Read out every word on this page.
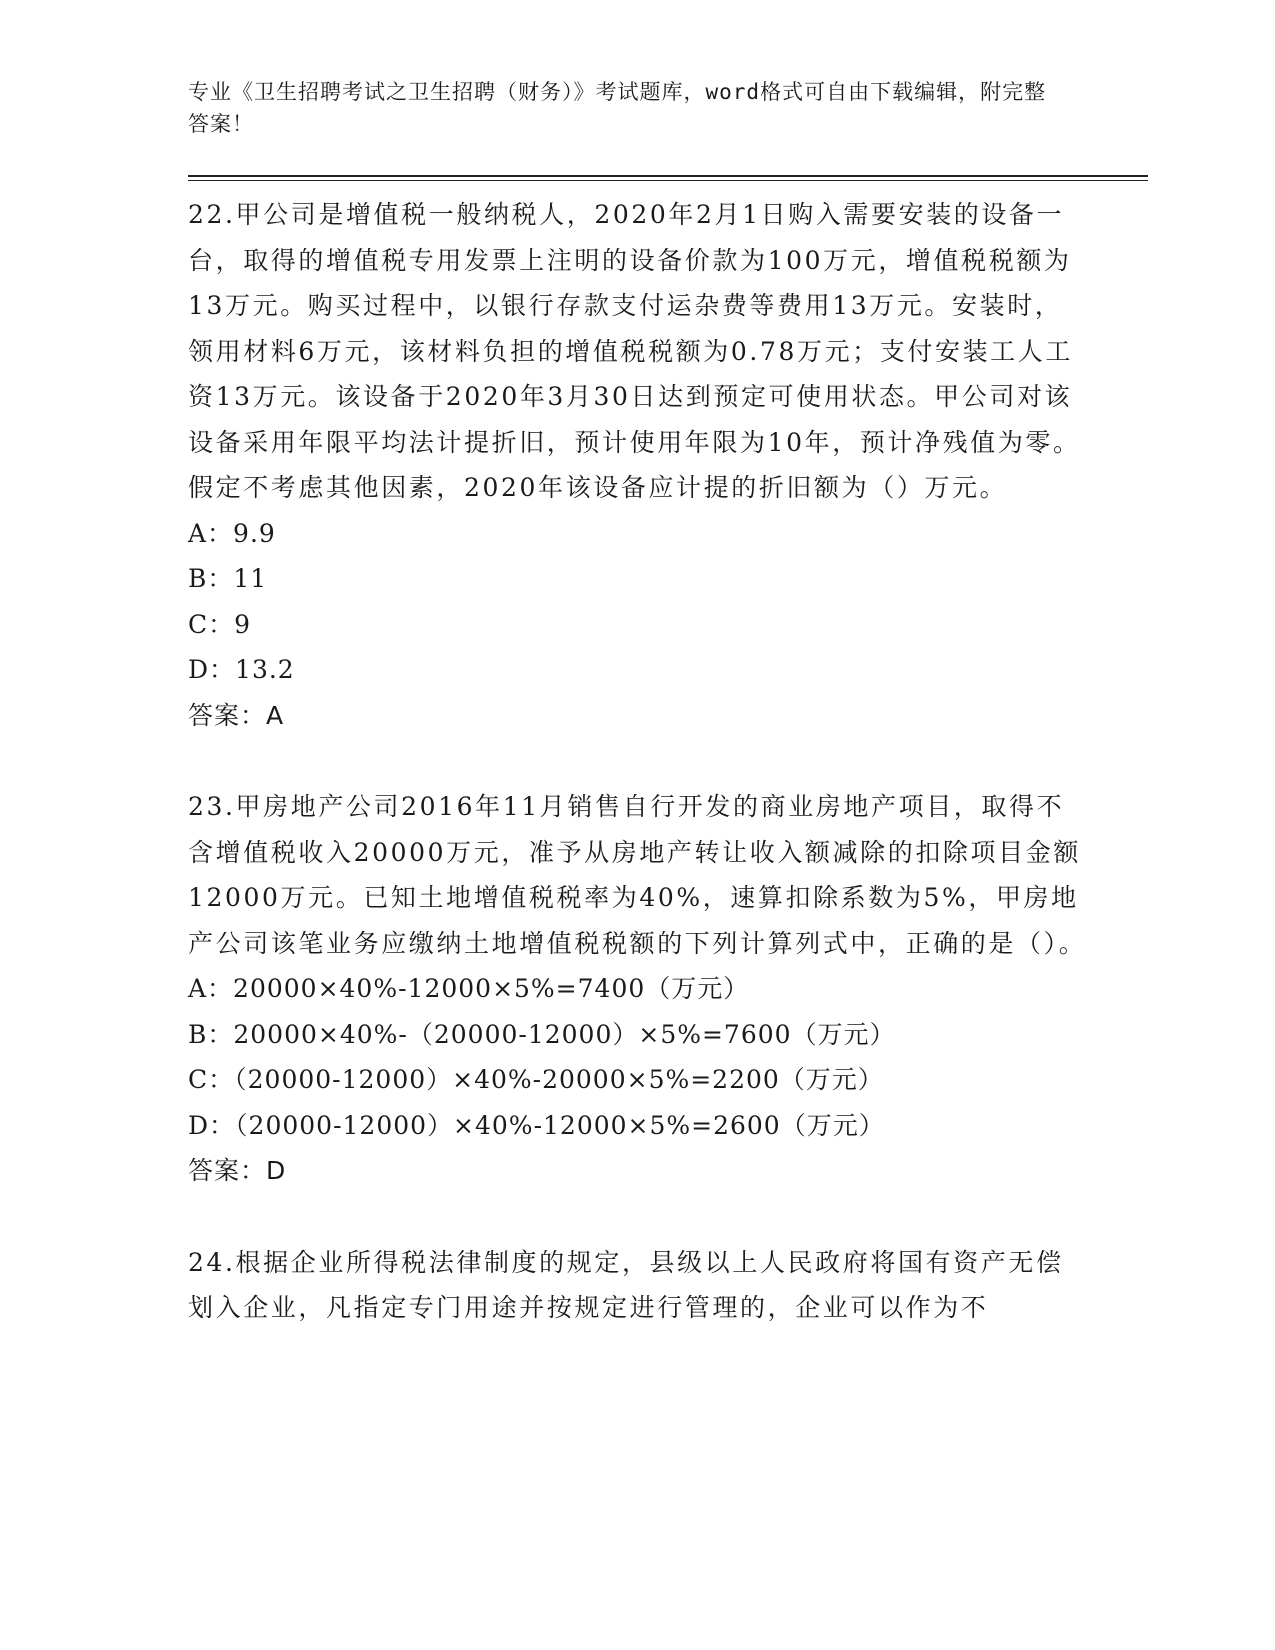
专业《卫生招聘考试之卫生招聘（财务）》考试题库，word格式可自由下载编辑，附完整答案！

22.甲公司是增值税一般纳税人，2020年2月1日购入需要安装的设备一台，取得的增值税专用发票上注明的设备价款为100万元，增值税税额为13万元。购买过程中，以银行存款支付运杂费等费用13万元。安装时，领用材料6万元，该材料负担的增值税税额为0.78万元；支付安装工人工资13万元。该设备于2020年3月30日达到预定可使用状态。甲公司对该设备采用年限平均法计提折旧，预计使用年限为10年，预计净残值为零。假定不考虑其他因素，2020年该设备应计提的折旧额为（）万元。

A：9.9
B：11
C：9
D：13.2
答案：A

23.甲房地产公司2016年11月销售自行开发的商业房地产项目，取得不含增值税收入20000万元，准予从房地产转让收入额减除的扣除项目金额12000万元。已知土地增值税税率为40%，速算扣除系数为5%，甲房地产公司该笔业务应缴纳土地增值税税额的下列计算列式中，正确的是（）。

A：20000×40%-12000×5%=7400（万元）
B：20000×40%-（20000-12000）×5%=7600（万元）
C：（20000-12000）×40%-20000×5%=2200（万元）
D：（20000-12000）×40%-12000×5%=2600（万元）
答案：D

24.根据企业所得税法律制度的规定，县级以上人民政府将国有资产无偿划入企业，凡指定专门用途并按规定进行管理的，企业可以作为不
